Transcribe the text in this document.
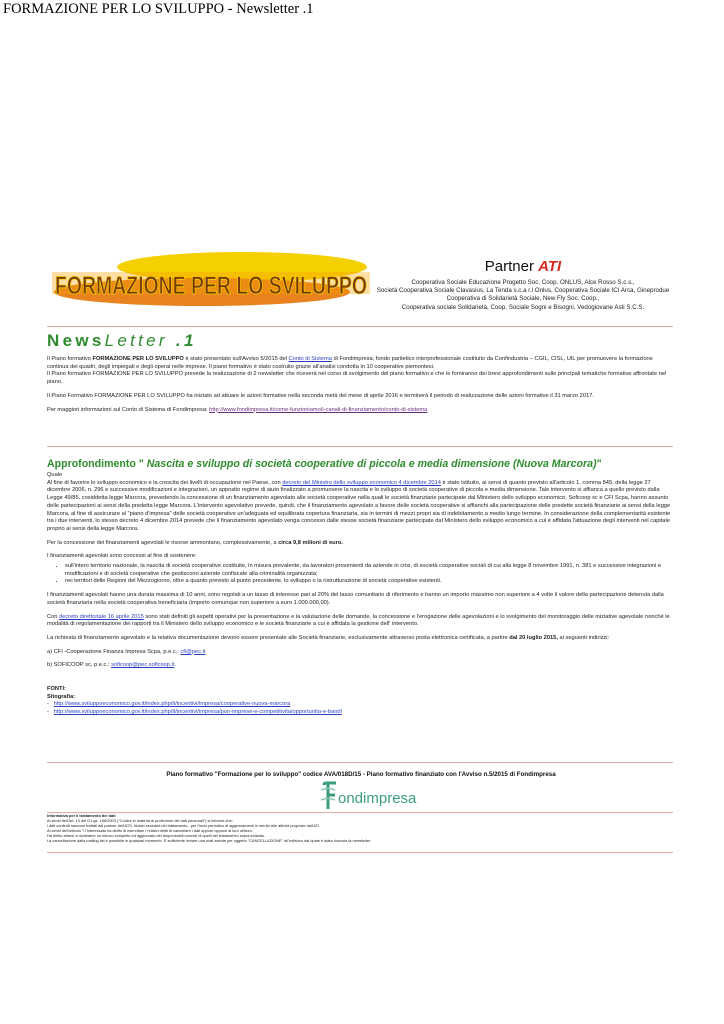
FORMAZIONE PER LO SVILUPPO - Newsletter .1
FORMAZIONE PER LO SVILUPPO
Partner ATI
Cooperativa Sociale Educazione Progetto Soc. Coop. ONLUS, Alce Rosso S.c.s.,
Società Cooperativa Sociale Clavasius, La Tenda s.c.a r.l Onlus, Cooperativa Sociale ICI Arca, Gineprodue
Cooperativa di Solidarietà Sociale, New Fly Soc. Coop.,
Cooperativa sociale Solidarietà, Coop. Sociale Sogni e Bisogni, Vedogiovane Asti S.C.S.
NewsLetter .1

Il Piano formativo FORMAZIONE PER LO SVILUPPO è stato presentato sull'Avviso 5/2015 del Conto di Sistema di Fondimpresa, fondo paritetico interprofessionale costituito da Confindustria – CGIL, CISL, UIL per promuovere la formazione continua dei quadri, degli impiegati e degli operai nelle imprese. Il piano formativo è stato costruito grazie all'analisi condotta in 10 cooperative piemontesi.

Il Piano formativo FORMAZIONE PER LO SVILUPPO prevede la realizzazione di 2 newsletter che riceverà nel corso di svolgimento del piano formativo e che le forniranno dei brevi approfondimenti sulle principali tematiche formative affrontate nel piano.

Il Piano Formativo FORMAZIONE PER LO SVILUPPO ha iniziato ad attuare le azioni formative nella seconda metà del mese di aprile 2016 e terminerà il periodo di realizzazione delle azioni formative il 31 marzo 2017.

Per maggiori informazioni sul Conto di Sistema di Fondimpresa: http://www.fondimpresa.it/come-funzioniamo/i-canali-di-finanziamento/conto-di-sistema

Approfondimento " Nascita e sviluppo di società cooperative di piccola e media dimensione (Nuova Marcora)"

Quale

Al fine di favorire lo sviluppo economico e la crescita dei livelli di occupazione nel Paese, con decreto del Ministro dello sviluppo economico 4 dicembre 2014 è stato istituito, ai sensi di quanto previsto all'articolo 1, comma 845, della legge 27 dicembre 2006, n. 296 e successive modificazioni e integrazioni, un apposito regime di aiuto finalizzato a promuovere la nascita e lo sviluppo di società cooperative di piccola e media dimensione. Tale intervento si affianca a quello previsto dalla Legge 49/85, cosiddetta legge Marcora, prevedendo la concessione di un finanziamento agevolato alle società cooperative nella quali le società finanziarie partecipate dal Ministero dello sviluppo economico, Soficoop sc e CFI Scpa, hanno assunto delle partecipazioni ai sensi della predetta legge Marcora. L'intervento agevolativo prevede, quindi, che il finanziamento agevolato a favore delle società cooperative si affianchi alla partecipazione delle predette società finanziarie ai sensi della legge Marcora, al fine di assicurare al "piano d'impresa" delle società cooperative un'adeguata ed equilibrata copertura finanziaria, sia in termini di mezzi propri sia di indebitamento a medio lungo termine. In considerazione della complementarità esistente tra i due interventi, lo stesso decreto 4 dicembre 2014 prevede che il finanziamento agevolato venga concesso dalle stesse società finanziarie partecipate dal Ministero dello sviluppo economico a cui è affidata l'attuazione degli interventi nel capitale proprio ai sensi della legge Marcora.

Per la concessione dei finanziamenti agevolati le risorse ammontano, complessivamente, a circa 9,8 milioni di euro.

I finanziamenti agevolati sono concessi al fine di sostenere:

• sull'intero territorio nazionale, la nascita di società cooperative costituite, in misura prevalente, da lavoratori provenienti da aziende in crisi, di società cooperative sociali di cui alla legge 8 novembre 1991, n. 381 e successive integrazioni e modificazioni e di società cooperative che gestiscono aziende confiscate alla criminalità organizzata;
• nei territori delle Regioni del Mezzogiorno, oltre a quanto previsto al punto precedente, lo sviluppo o la ristrutturazione di società cooperative esistenti.

I finanziamenti agevolati hanno una durata massima di 10 anni, sono regolati a un tasso di interesse pari al 20% del tasso comunitario di riferimento e hanno un importo massimo non superiore a 4 volte il valore della partecipazione detenuta dalla società finanziaria nella società cooperativa beneficiaria (importo comunque non superiore a euro 1.000.000,00).

Con decreto direttoriale 16 aprile 2015 sono stati definiti gli aspetti operativi per la presentazione e la valutazione delle domande, la concessione e l'erogazione delle agevolazioni e lo svolgimento del monitoraggio delle iniziative agevolate nonché le modalità di regolamentazione dei rapporti tra il Ministero dello sviluppo economico e le società finanziarie a cui è affidata la gestione dell' intervento.

La richiesta di finanziamento agevolato e la relativa documentazione devono essere presentate alle Società finanziarie, esclusivamente attraverso posta elettronica certificata, a partire dal 20 luglio 2015, ai seguenti indirizzi:

a) CFI -Cooperazione Finanza Impresa Scpa, p.e.c.: cfi@pec.it

b) SOFICOOP sc, p.e.c.: soficoop@pec.soficoop.it.

FONTI:

Sitografia:

-   http://www.sviluppoeconomico.gov.it/index.php/it/incentivi/impresa/cooperative-nuova-marcora

-   http://www.sviluppoeconomico.gov.it/index.php/it/incentivi/impresa/pon-imprese-e-competitivita/opportunita-e-bandi

Piano formativo "Formazione per lo sviluppo" codice AVA/018D/15 - Piano formativo finanziato con l'Avviso n.5/2015 di Fondimpresa
ondimpresa
Informativa per il trattamento dei dati
Ai sensi dell'Art. 13 del D.Lgs. 196/2003 ("Codice in materia di protezione dei dati personali") si informa che:
i dati conferiti saranno trattati dai partner dell'ATS- titolari esclusivi del trattamento - per l'invio periodico di aggiornamenti in merito alle attività proposte dall'ATI.
Ai sensi dell'articolo 7 l'interessato ha diritto di esercitare i relativi diritti di cancellare i dati oppure opporsi al loro utilizzo.
Ha diritto altresì a richiedere un elenco completo ed aggiornato dei responsabili nonchè di quelli del trattamento sopra indicato.
La cancellazione dalla mailing list è possibile in qualsiasi momento. È sufficiente inviare una mail avente per oggetto "CANCELLAZIONE" all'indirizzo dal quale è stata ricevuta la newsletter.
